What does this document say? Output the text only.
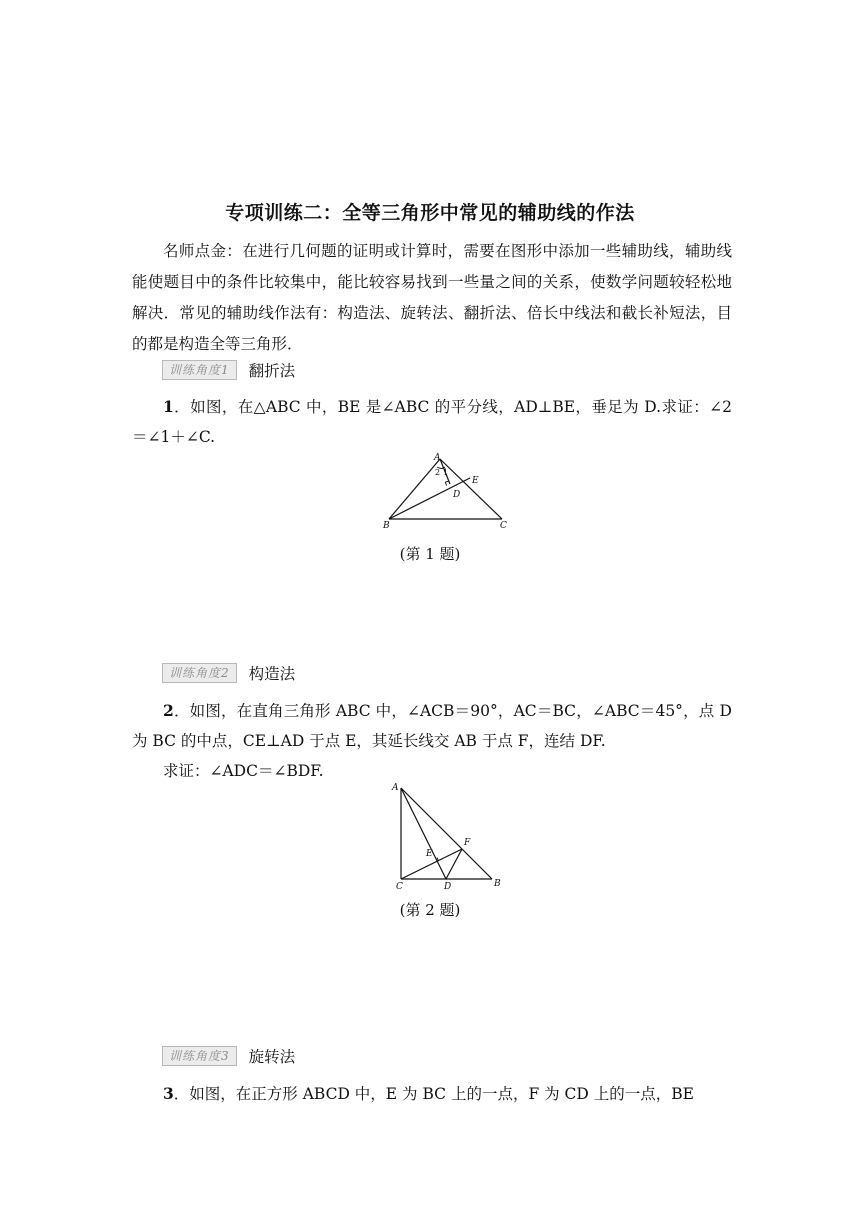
专项训练二：全等三角形中常见的辅助线的作法
名师点金：在进行几何题的证明或计算时，需要在图形中添加一些辅助线，辅助线能使题目中的条件比较集中，能比较容易找到一些量之间的关系，使数学问题较轻松地解决．常见的辅助线作法有：构造法、旋转法、翻折法、倍长中线法和截长补短法，目的都是构造全等三角形．
训练角度1	翻折法
1．如图，在△ABC 中，BE 是∠ABC 的平分线，AD⊥BE，垂足为 D.求证：∠2＝∠1＋∠C.
A
B	C
D
E
2 1
(第 1 题)
训练角度2	构造法
2．如图，在直角三角形 ABC 中，∠ACB＝90°，AC＝BC，∠ABC＝45°，点 D 为 BC 的中点，CE⊥AD 于点 E，其延长线交 AB 于点 F，连结 DF.
求证：∠ADC＝∠BDF.
A
C	D	B
E
F
(第 2 题)
训练角度3	旋转法
3．如图，在正方形 ABCD 中，E 为 BC 上的一点，F 为 CD 上的一点，BE
